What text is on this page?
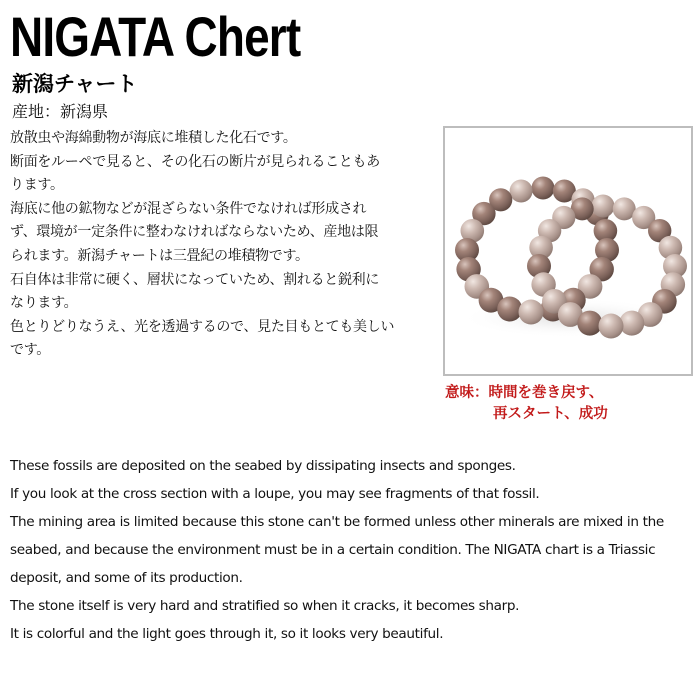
NIGATA Chert
新潟チャート
産地：新潟県
放散虫や海綿動物が海底に堆積した化石です。
断面をルーペで見ると、その化石の断片が見られることもあ
ります。
海底に他の鉱物などが混ざらない条件でなければ形成され
ず、環境が一定条件に整わなければならないため、産地は限
られます。新潟チャートは三畳紀の堆積物です。
石自体は非常に硬く、層状になっていため、割れると鋭利に
なります。
色とりどりなうえ、光を透過するので、見た目もとても美しい
です。
意味：時間を巻き戻す、
再スタート、成功
These fossils are deposited on the seabed by dissipating insects and sponges.
If you look at the cross section with a loupe, you may see fragments of that fossil.
The mining area is limited because this stone can't be formed unless other minerals are mixed in the
seabed, and because the environment must be in a certain condition. The NIGATA chart is a Triassic
deposit, and some of its production.
The stone itself is very hard and stratified so when it cracks, it becomes sharp.
It is colorful and the light goes through it, so it looks very beautiful.
